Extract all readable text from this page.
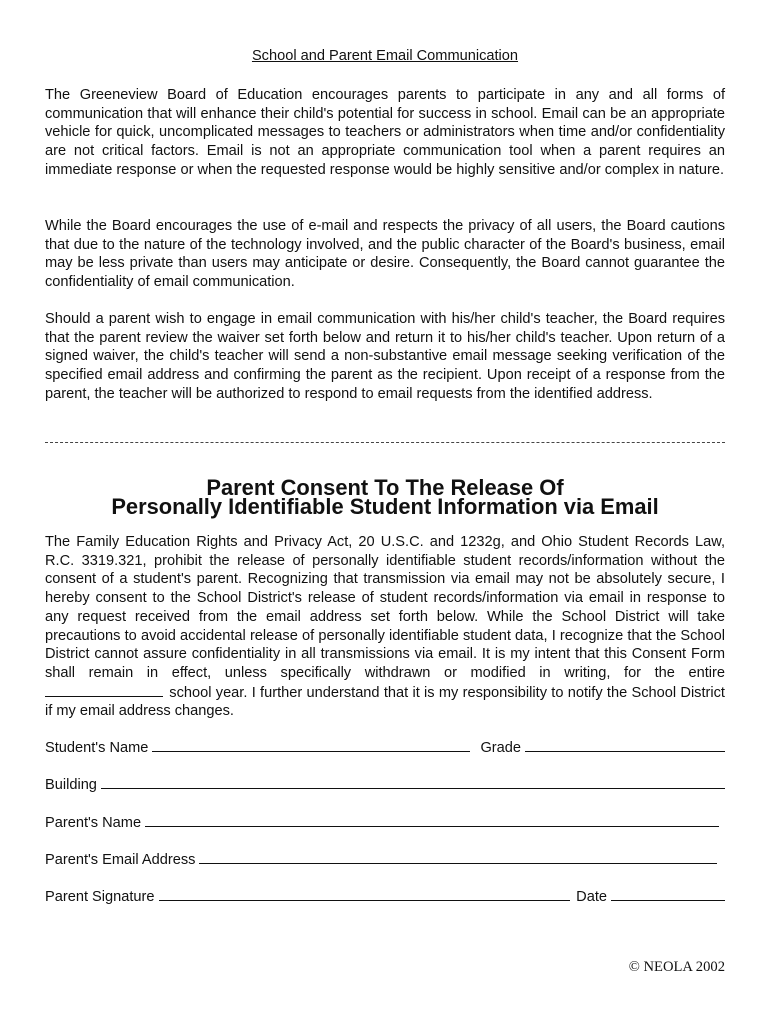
School and Parent Email Communication

The Greeneview Board of Education encourages parents to participate in any and all forms of communication that will enhance their child's potential for success in school. Email can be an appropriate vehicle for quick, uncomplicated messages to teachers or administrators when time and/or confidentiality are not critical factors. Email is not an appropriate communication tool when a parent requires an immediate response or when the requested response would be highly sensitive and/or complex in nature.

While the Board encourages the use of e-mail and respects the privacy of all users, the Board cautions that due to the nature of the technology involved, and the public character of the Board's business, email may be less private than users may anticipate or desire. Consequently, the Board cannot guarantee the confidentiality of email communication.

Should a parent wish to engage in email communication with his/her child's teacher, the Board requires that the parent review the waiver set forth below and return it to his/her child's teacher. Upon return of a signed waiver, the child's teacher will send a non-substantive email message seeking verification of the specified email address and confirming the parent as the recipient. Upon receipt of a response from the parent, the teacher will be authorized to respond to email requests from the identified address.

Parent Consent To The Release Of
Personally Identifiable Student Information via Email

The Family Education Rights and Privacy Act, 20 U.S.C. and 1232g, and Ohio Student Records Law, R.C. 3319.321, prohibit the release of personally identifiable student records/information without the consent of a student's parent. Recognizing that transmission via email may not be absolutely secure, I hereby consent to the School District's release of student records/information via email in response to any request received from the email address set forth below. While the School District will take precautions to avoid accidental release of personally identifiable student data, I recognize that the School District cannot assure confidentiality in all transmissions via email. It is my intent that this Consent Form shall remain in effect, unless specifically withdrawn or modified in writing, for the entire  school year. I further understand that it is my responsibility to notify the School District if my email address changes.

Student's Name	Grade
Building
Parent's Name
Parent's Email Address
Parent Signature	Date
© NEOLA 2002
